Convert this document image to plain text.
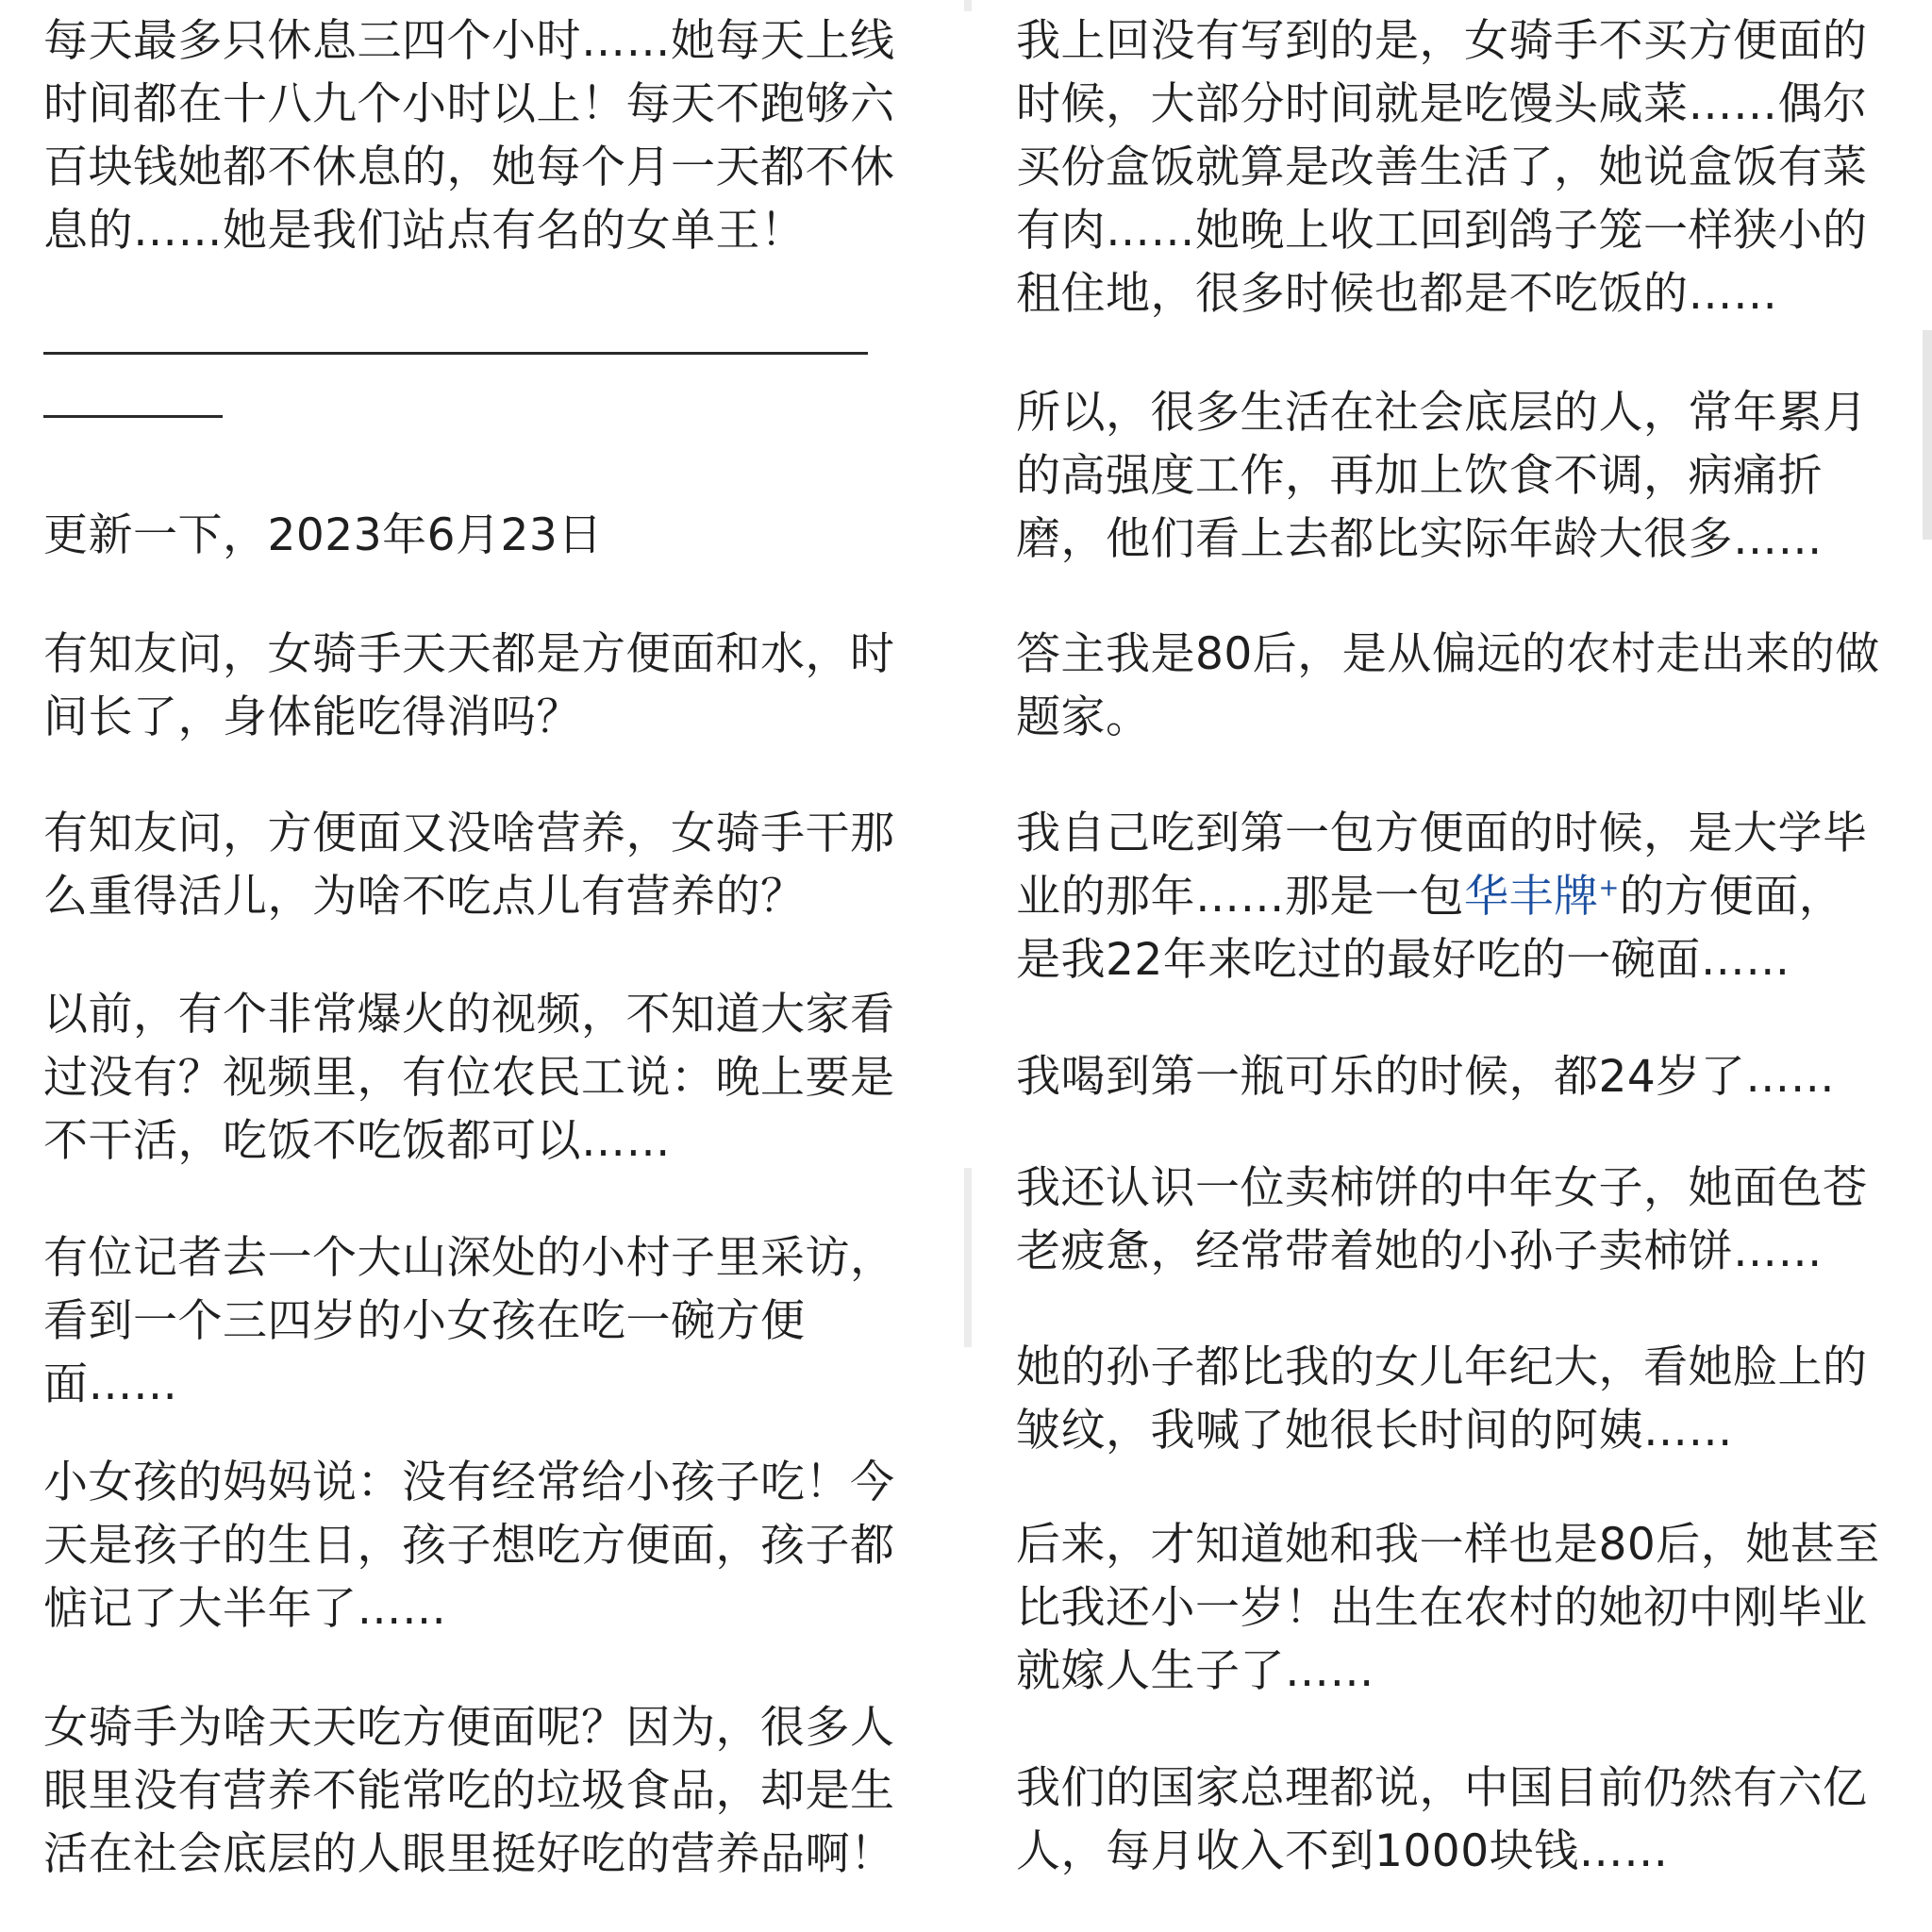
每天最多只休息三四个小时……她每天上线
时间都在十八九个小时以上！每天不跑够六
百块钱她都不休息的，她每个月一天都不休
息的……她是我们站点有名的女单王！

更新一下，2023年6月23日

有知友问，女骑手天天都是方便面和水，时
间长了，身体能吃得消吗？

有知友问，方便面又没啥营养，女骑手干那
么重得活儿，为啥不吃点儿有营养的？

以前，有个非常爆火的视频，不知道大家看
过没有？视频里，有位农民工说：晚上要是
不干活，吃饭不吃饭都可以……

有位记者去一个大山深处的小村子里采访，
看到一个三四岁的小女孩在吃一碗方便
面……

小女孩的妈妈说：没有经常给小孩子吃！今
天是孩子的生日，孩子想吃方便面，孩子都
惦记了大半年了……

女骑手为啥天天吃方便面呢？因为，很多人
眼里没有营养不能常吃的垃圾食品，却是生
活在社会底层的人眼里挺好吃的营养品啊！

我上回没有写到的是，女骑手不买方便面的
时候，大部分时间就是吃馒头咸菜……偶尔
买份盒饭就算是改善生活了，她说盒饭有菜
有肉……她晚上收工回到鸽子笼一样狭小的
租住地，很多时候也都是不吃饭的……

所以，很多生活在社会底层的人，常年累月
的高强度工作，再加上饮食不调，病痛折
磨，他们看上去都比实际年龄大很多……

答主我是80后，是从偏远的农村走出来的做
题家。

我自己吃到第一包方便面的时候，是大学毕
业的那年……那是一包华丰牌+的方便面，
是我22年来吃过的最好吃的一碗面……

我喝到第一瓶可乐的时候，都24岁了……

我还认识一位卖柿饼的中年女子，她面色苍
老疲惫，经常带着她的小孙子卖柿饼……

她的孙子都比我的女儿年纪大，看她脸上的
皱纹，我喊了她很长时间的阿姨……

后来，才知道她和我一样也是80后，她甚至
比我还小一岁！出生在农村的她初中刚毕业
就嫁人生子了……

我们的国家总理都说，中国目前仍然有六亿
人，每月收入不到1000块钱……
